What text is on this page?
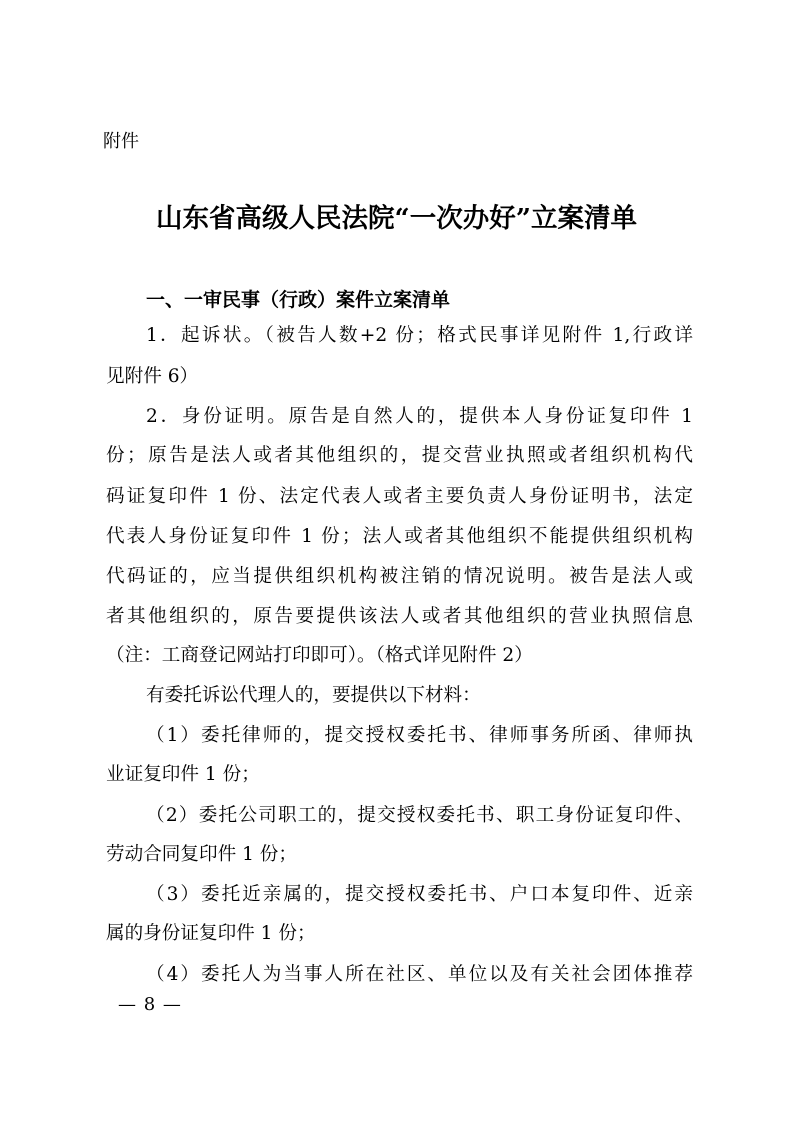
附件
山东省高级人民法院“一次办好”立案清单
一、一审民事（行政）案件立案清单
1．起诉状。（被告人数+2 份；格式民事详见附件 1,行政详
见附件 6）
2．身份证明。原告是自然人的，提供本人身份证复印件 1
份；原告是法人或者其他组织的，提交营业执照或者组织机构代
码证复印件 1 份、法定代表人或者主要负责人身份证明书，法定
代表人身份证复印件 1 份；法人或者其他组织不能提供组织机构
代码证的，应当提供组织机构被注销的情况说明。被告是法人或
者其他组织的，原告要提供该法人或者其他组织的营业执照信息
（注：工商登记网站打印即可）。（格式详见附件 2）
有委托诉讼代理人的，要提供以下材料：
（1）委托律师的，提交授权委托书、律师事务所函、律师执
业证复印件 1 份；
（2）委托公司职工的，提交授权委托书、职工身份证复印件、
劳动合同复印件 1 份；
（3）委托近亲属的，提交授权委托书、户口本复印件、近亲
属的身份证复印件 1 份；
（4）委托人为当事人所在社区、单位以及有关社会团体推荐
— 8 —
